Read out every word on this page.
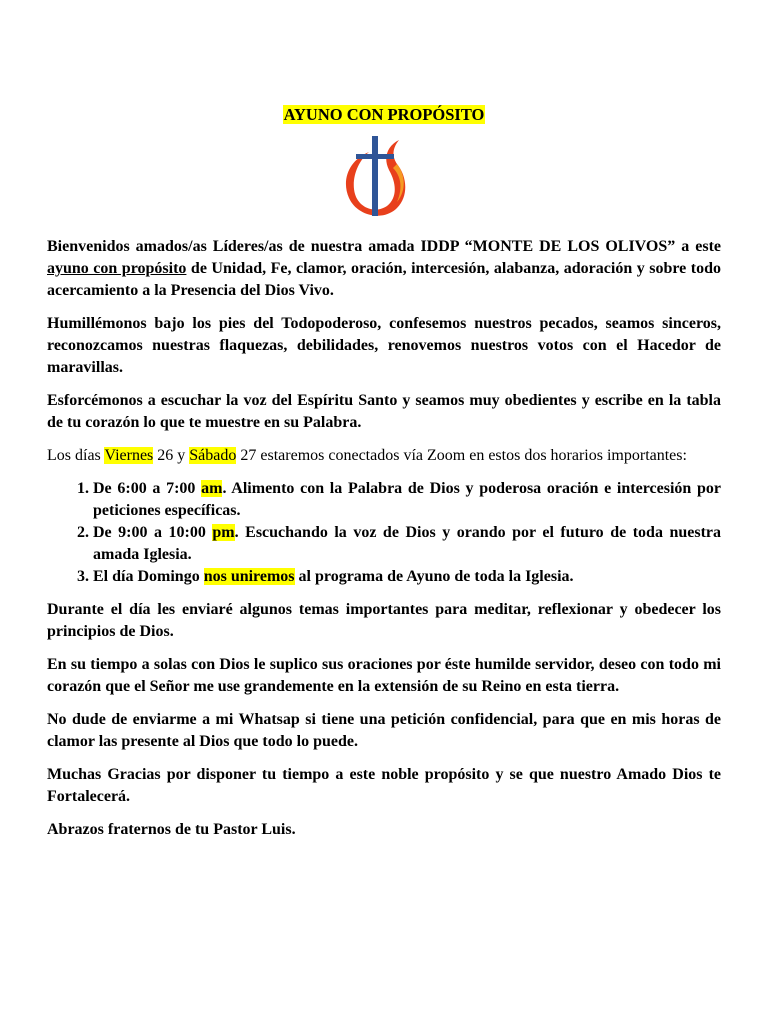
AYUNO CON PROPÓSITO

Bienvenidos amados/as Líderes/as de nuestra amada IDDP “MONTE DE LOS OLIVOS” a este ayuno con propósito de Unidad, Fe, clamor, oración, intercesión, alabanza, adoración y sobre todo acercamiento a la Presencia del Dios Vivo.

Humillémonos bajo los pies del Todopoderoso, confesemos nuestros pecados, seamos sinceros, reconozcamos nuestras flaquezas, debilidades, renovemos nuestros votos con el Hacedor de maravillas.

Esforcémonos a escuchar la voz del Espíritu Santo y seamos muy obedientes y escribe en la tabla de tu corazón lo que te muestre en su Palabra.

Los días Viernes 26 y Sábado 27 estaremos conectados vía Zoom en estos dos horarios importantes:

1. De 6:00 a 7:00 am. Alimento con la Palabra de Dios y poderosa oración e intercesión por peticiones específicas.
2. De 9:00 a 10:00 pm. Escuchando la voz de Dios y orando por el futuro de toda nuestra amada Iglesia.
3. El día Domingo nos uniremos al programa de Ayuno de toda la Iglesia.

Durante el día les enviaré algunos temas importantes para meditar, reflexionar y obedecer los principios de Dios.

En su tiempo a solas con Dios le suplico sus oraciones por éste humilde servidor, deseo con todo mi corazón que el Señor me use grandemente en la extensión de su Reino en esta tierra.

No dude de enviarme a mi Whatsap si tiene una petición confidencial, para que en mis horas de clamor las presente al Dios que todo lo puede.

Muchas Gracias por disponer tu tiempo a este noble propósito y se que nuestro Amado Dios te Fortalecerá.

Abrazos fraternos de tu Pastor Luis.
